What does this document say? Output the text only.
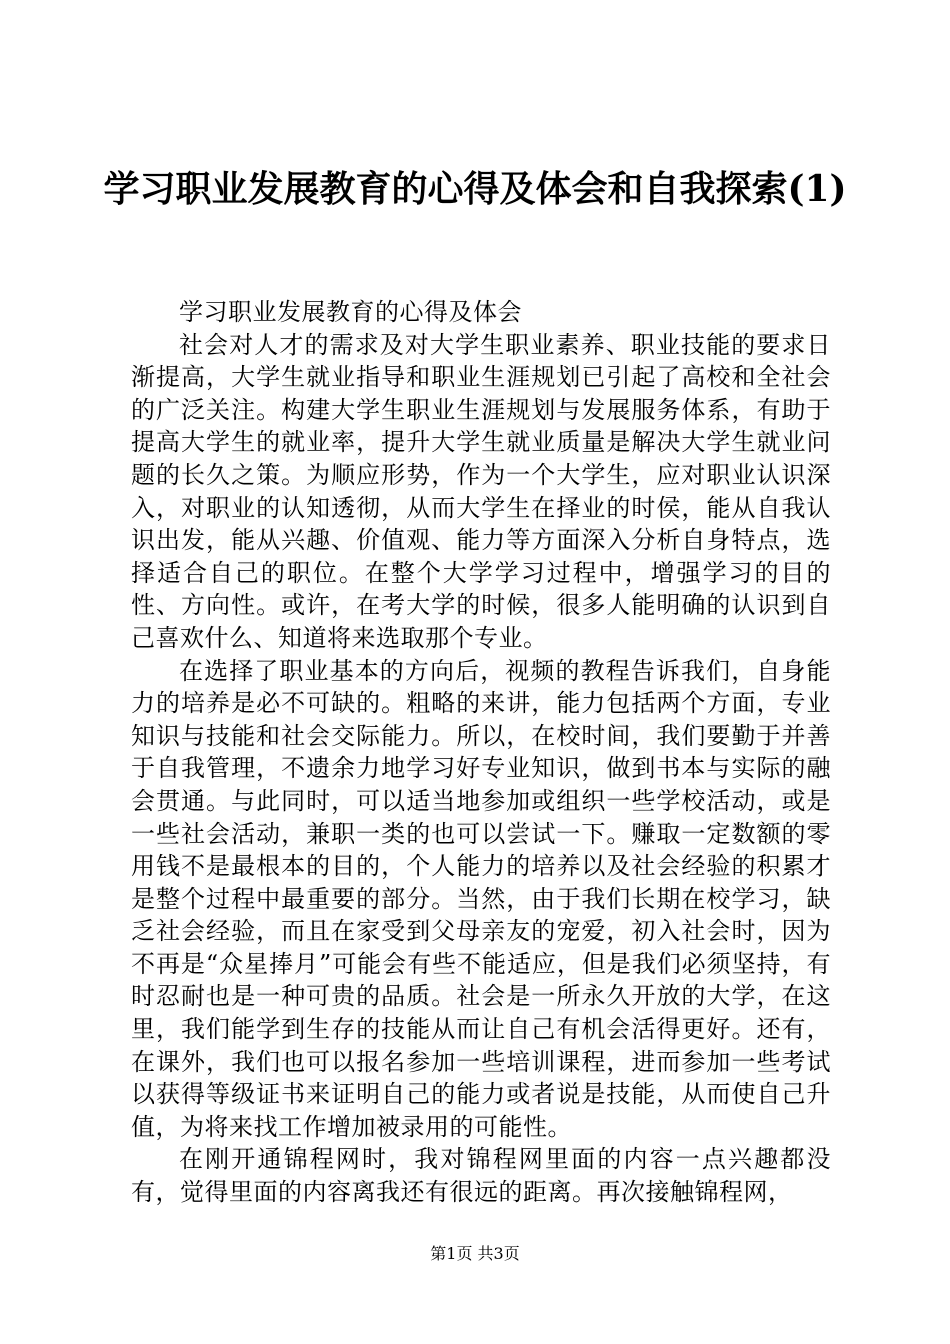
学习职业发展教育的心得及体会和自我探索(1)

学习职业发展教育的心得及体会

社会对人才的需求及对大学生职业素养、职业技能的要求日渐提高，大学生就业指导和职业生涯规划已引起了高校和全社会的广泛关注。构建大学生职业生涯规划与发展服务体系，有助于提高大学生的就业率，提升大学生就业质量是解决大学生就业问题的长久之策。为顺应形势，作为一个大学生，应对职业认识深入，对职业的认知透彻，从而大学生在择业的时侯，能从自我认识出发，能从兴趣、价值观、能力等方面深入分析自身特点，选择适合自己的职位。在整个大学学习过程中，增强学习的目的性、方向性。或许，在考大学的时候，很多人能明确的认识到自己喜欢什么、知道将来选取那个专业。

在选择了职业基本的方向后，视频的教程告诉我们，自身能力的培养是必不可缺的。粗略的来讲，能力包括两个方面，专业知识与技能和社会交际能力。所以，在校时间，我们要勤于并善于自我管理，不遗余力地学习好专业知识，做到书本与实际的融会贯通。与此同时，可以适当地参加或组织一些学校活动，或是一些社会活动，兼职一类的也可以尝试一下。赚取一定数额的零用钱不是最根本的目的，个人能力的培养以及社会经验的积累才是整个过程中最重要的部分。当然，由于我们长期在校学习，缺乏社会经验，而且在家受到父母亲友的宠爱，初入社会时，因为不再是“众星捧月”可能会有些不能适应，但是我们必须坚持，有时忍耐也是一种可贵的品质。社会是一所永久开放的大学，在这里，我们能学到生存的技能从而让自己有机会活得更好。还有，在课外，我们也可以报名参加一些培训课程，进而参加一些考试以获得等级证书来证明自己的能力或者说是技能，从而使自己升值，为将来找工作增加被录用的可能性。

在刚开通锦程网时，我对锦程网里面的内容一点兴趣都没有，觉得里面的内容离我还有很远的距离。再次接触锦程网，

第1页 共3页
